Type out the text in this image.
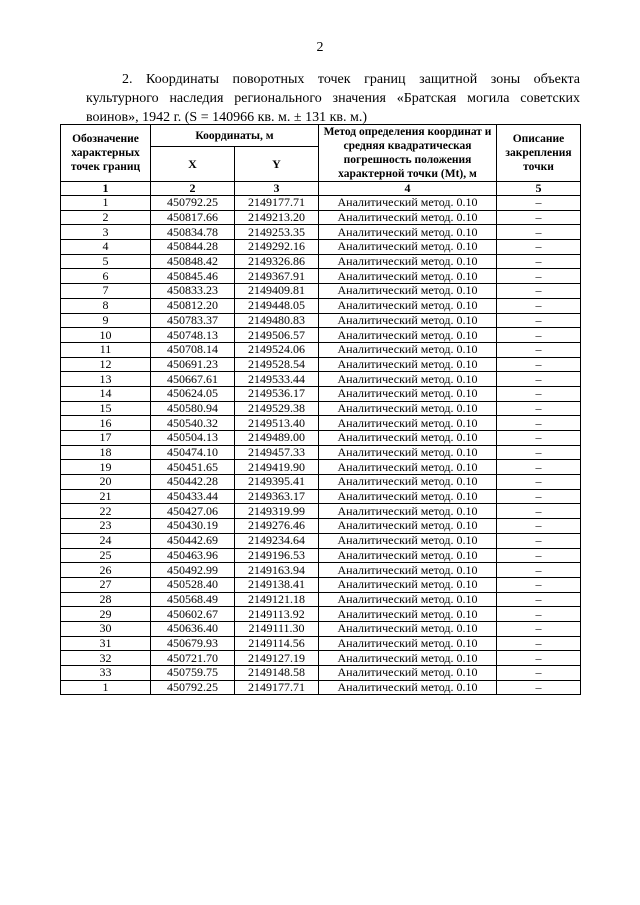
2

2. Координаты поворотных точек границ защитной зоны объекта культурного наследия регионального значения «Братская могила советских воинов», 1942 г. (S = 140966 кв. м. ± 131 кв. м.)

Обозначение характерных точек границ	Координаты, м		Метод определения координат и средняя квадратическая погрешность положения характерной точки (Mt), м	Описание закрепления точки

	X	Y		
1	2	3	4	5
1	450792.25	2149177.71	Аналитический метод. 0.10	–
2	450817.66	2149213.20	Аналитический метод. 0.10	–
3	450834.78	2149253.35	Аналитический метод. 0.10	–
4	450844.28	2149292.16	Аналитический метод. 0.10	–
5	450848.42	2149326.86	Аналитический метод. 0.10	–
6	450845.46	2149367.91	Аналитический метод. 0.10	–
7	450833.23	2149409.81	Аналитический метод. 0.10	–
8	450812.20	2149448.05	Аналитический метод. 0.10	–
9	450783.37	2149480.83	Аналитический метод. 0.10	–
10	450748.13	2149506.57	Аналитический метод. 0.10	–
11	450708.14	2149524.06	Аналитический метод. 0.10	–
12	450691.23	2149528.54	Аналитический метод. 0.10	–
13	450667.61	2149533.44	Аналитический метод. 0.10	–
14	450624.05	2149536.17	Аналитический метод. 0.10	–
15	450580.94	2149529.38	Аналитический метод. 0.10	–
16	450540.32	2149513.40	Аналитический метод. 0.10	–
17	450504.13	2149489.00	Аналитический метод. 0.10	–
18	450474.10	2149457.33	Аналитический метод. 0.10	–
19	450451.65	2149419.90	Аналитический метод. 0.10	–
20	450442.28	2149395.41	Аналитический метод. 0.10	–
21	450433.44	2149363.17	Аналитический метод. 0.10	–
22	450427.06	2149319.99	Аналитический метод. 0.10	–
23	450430.19	2149276.46	Аналитический метод. 0.10	–
24	450442.69	2149234.64	Аналитический метод. 0.10	–
25	450463.96	2149196.53	Аналитический метод. 0.10	–
26	450492.99	2149163.94	Аналитический метод. 0.10	–
27	450528.40	2149138.41	Аналитический метод. 0.10	–
28	450568.49	2149121.18	Аналитический метод. 0.10	–
29	450602.67	2149113.92	Аналитический метод. 0.10	–
30	450636.40	2149111.30	Аналитический метод. 0.10	–
31	450679.93	2149114.56	Аналитический метод. 0.10	–
32	450721.70	2149127.19	Аналитический метод. 0.10	–
33	450759.75	2149148.58	Аналитический метод. 0.10	–
1	450792.25	2149177.71	Аналитический метод. 0.10	–
